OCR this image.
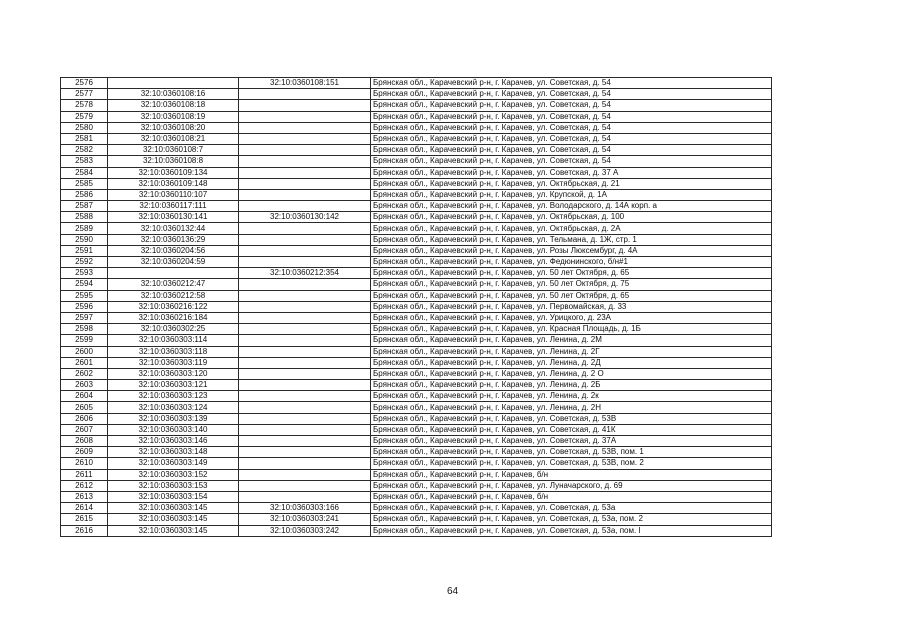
2576		32:10:0360108:151	Брянская обл., Карачевский р-н, г. Карачев, ул. Советская, д. 54
2577	32:10:0360108:16		Брянская обл., Карачевский р-н, г. Карачев, ул. Советская, д. 54
2578	32:10:0360108:18		Брянская обл., Карачевский р-н, г. Карачев, ул. Советская, д. 54
2579	32:10:0360108:19		Брянская обл., Карачевский р-н, г. Карачев, ул. Советская, д. 54
2580	32:10:0360108:20		Брянская обл., Карачевский р-н, г. Карачев, ул. Советская, д. 54
2581	32:10:0360108:21		Брянская обл., Карачевский р-н, г. Карачев, ул. Советская, д. 54
2582	32:10:0360108:7		Брянская обл., Карачевский р-н, г. Карачев, ул. Советская, д. 54
2583	32:10:0360108:8		Брянская обл., Карачевский р-н, г. Карачев, ул. Советская, д. 54
2584	32:10:0360109:134		Брянская обл., Карачевский р-н, г. Карачев, ул. Советская, д. 37 А
2585	32:10:0360109:148		Брянская обл., Карачевский р-н, г. Карачев, ул. Октябрьская, д. 21
2586	32:10:0360110:107		Брянская обл., Карачевский р-н, г. Карачев, ул. Крупской, д. 1А
2587	32:10:0360117:111		Брянская обл., Карачевский р-н, г. Карачев, ул. Володарского, д. 14А корп. а
2588	32:10:0360130:141	32:10:0360130:142	Брянская обл., Карачевский р-н, г. Карачев, ул. Октябрьская, д. 100
2589	32:10:0360132:44		Брянская обл., Карачевский р-н, г. Карачев, ул. Октябрьская, д. 2А
2590	32:10:0360136:29		Брянская обл., Карачевский р-н, г. Карачев, ул. Тельмана, д. 1Ж, стр. 1
2591	32:10:0360204:56		Брянская обл., Карачевский р-н, г. Карачев, ул. Розы Люксембург, д. 4А
2592	32:10:0360204:59		Брянская обл., Карачевский р-н, г. Карачев, ул. Федюнинского, б/н#1
2593		32:10:0360212:354	Брянская обл., Карачевский р-н, г. Карачев, ул. 50 лет Октября, д. 65
2594	32:10:0360212:47		Брянская обл., Карачевский р-н, г. Карачев, ул. 50 лет Октября, д. 75
2595	32:10:0360212:58		Брянская обл., Карачевский р-н, г. Карачев, ул. 50 лет Октября, д. 65
2596	32:10:0360216:122		Брянская обл., Карачевский р-н, г. Карачев, ул. Первомайская, д. 33
2597	32:10:0360216:184		Брянская обл., Карачевский р-н, г. Карачев, ул. Урицкого, д. 23А
2598	32:10:0360302:25		Брянская обл., Карачевский р-н, г. Карачев, ул. Красная Площадь, д. 1Б
2599	32:10:0360303:114		Брянская обл., Карачевский р-н, г. Карачев, ул. Ленина, д. 2М
2600	32:10:0360303:118		Брянская обл., Карачевский р-н, г. Карачев, ул. Ленина, д. 2Г
2601	32:10:0360303:119		Брянская обл., Карачевский р-н, г. Карачев, ул. Ленина, д. 2Д
2602	32:10:0360303:120		Брянская обл., Карачевский р-н, г. Карачев, ул. Ленина, д. 2 О
2603	32:10:0360303:121		Брянская обл., Карачевский р-н, г. Карачев, ул. Ленина, д. 2Б
2604	32:10:0360303:123		Брянская обл., Карачевский р-н, г. Карачев, ул. Ленина, д. 2к
2605	32:10:0360303:124		Брянская обл., Карачевский р-н, г. Карачев, ул. Ленина, д. 2Н
2606	32:10:0360303:139		Брянская обл., Карачевский р-н, г. Карачев, ул. Советская, д. 53В
2607	32:10:0360303:140		Брянская обл., Карачевский р-н, г. Карачев, ул. Советская, д. 41К
2608	32:10:0360303:146		Брянская обл., Карачевский р-н, г. Карачев, ул. Советская, д. 37А
2609	32:10:0360303:148		Брянская обл., Карачевский р-н, г. Карачев, ул. Советская, д. 53В, пом. 1
2610	32:10:0360303:149		Брянская обл., Карачевский р-н, г. Карачев, ул. Советская, д. 53В, пом. 2
2611	32:10:0360303:152		Брянская обл., Карачевский р-н, г. Карачев, б/н
2612	32:10:0360303:153		Брянская обл., Карачевский р-н, г. Карачев, ул. Луначарского, д. 69
2613	32:10:0360303:154		Брянская обл., Карачевский р-н, г. Карачев, б/н
2614	32:10:0360303:145	32:10:0360303:166	Брянская обл., Карачевский р-н, г. Карачев, ул. Советская, д. 53а
2615	32:10:0360303:145	32:10:0360303:241	Брянская обл., Карачевский р-н, г. Карачев, ул. Советская, д. 53а, пом. 2
2616	32:10:0360303:145	32:10:0360303:242	Брянская обл., Карачевский р-н, г. Карачев, ул. Советская, д. 53а, пом. I
64
